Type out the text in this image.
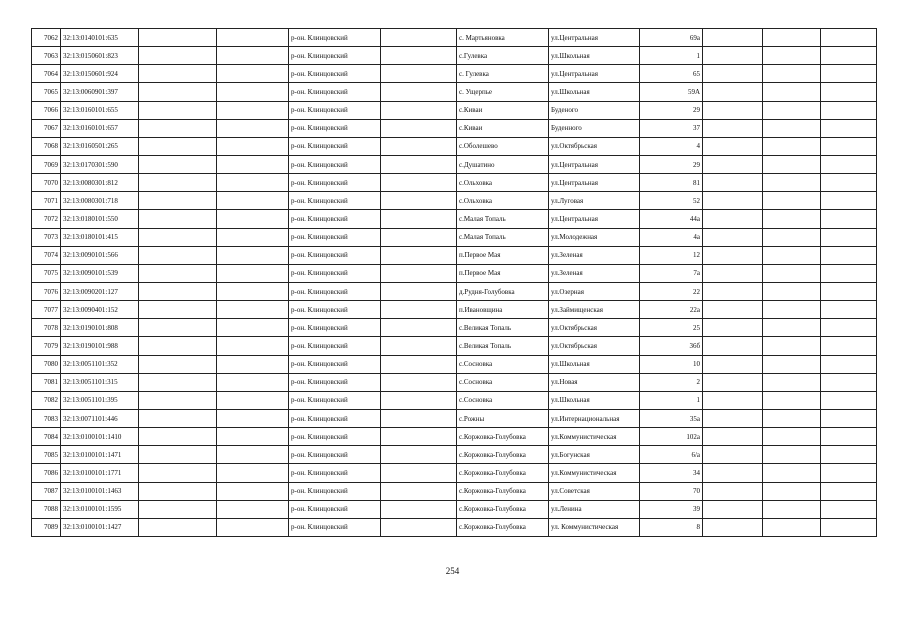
7062	32:13:0140101:635			р-он. Клинцовский		с. Мартьяновка	ул.Центральная	69а			
7063	32:13:0150601:823			р-он. Клинцовский		с.Гулевка	ул.Школьная	1			
7064	32:13:0150601:924			р-он. Клинцовский		с. Гулевка	ул.Центральная	65			
7065	32:13:0060901:397			р-он. Клинцовский		с. Ущерпье	ул.Школьная	59А			
7066	32:13:0160101:655			р-он. Клинцовский		с.Киваи	Буденого	29			
7067	32:13:0160101:657			р-он. Клинцовский		с.Киваи	Буденного	37			
7068	32:13:0160501:265			р-он. Клинцовский		с.Оболешево	ул.Октябрьская	4			
7069	32:13:0170301:590			р-он. Клинцовский		с.Душатино	ул.Центральная	29			
7070	32:13:0080301:812			р-он. Клинцовский		с.Ольховка	ул.Центральная	81			
7071	32:13:0080301:718			р-он. Клинцовский		с.Ольховка	ул.Луговая	52			
7072	32:13:0180101:550			р-он. Клинцовский		с.Малая Топаль	ул.Центральная	44а			
7073	32:13:0180101:415			р-он. Клинцовский		с.Малая Топаль	ул.Молодежная	4а			
7074	32:13:0090101:566			р-он. Клинцовский		п.Первое Мая	ул.Зеленая	12			
7075	32:13:0090101:539			р-он. Клинцовский		п.Первое Мая	ул.Зеленая	7а			
7076	32:13:0090201:127			р-он. Клинцовский		д.Рудня-Голубовка	ул.Озерная	22			
7077	32:13:0090401:152			р-он. Клинцовский		п.Ивановщина	ул.Займищенская	22а			
7078	32:13:0190101:808			р-он. Клинцовский		с.Великая Топаль	ул.Октябрьская	25			
7079	32:13:0190101:988			р-он. Клинцовский		с.Великая Топаль	ул.Октябрьская	36б			
7080	32:13:0051101:352			р-он. Клинцовский		с.Сосновка	ул.Школьная	10			
7081	32:13:0051101:315			р-он. Клинцовский		с.Сосновка	ул.Новая	2			
7082	32:13:0051101:395			р-он. Клинцовский		с.Сосновка	ул.Школьная	1			
7083	32:13:0071101:446			р-он. Клинцовский		с.Рожны	ул.Интернациональная	35а			
7084	32:13:0100101:1410			р-он. Клинцовский		с.Коржовка-Голубовка	ул.Коммунистическая	102а			
7085	32:13:0100101:1471			р-он. Клинцовский		с.Коржовка-Голубовка	ул.Богунская	6/а			
7086	32:13:0100101:1771			р-он. Клинцовский		с.Коржовка-Голубовка	ул.Коммунистическая	34			
7087	32:13:0100101:1463			р-он. Клинцовский		с.Коржовка-Голубовка	ул.Советская	70			
7088	32:13:0100101:1595			р-он. Клинцовский		с.Коржовка-Голубовка	ул.Ленина	39			
7089	32:13:0100101:1427			р-он. Клинцовский		с.Коржовка-Голубовка	ул. Коммунистическая	8			
254
